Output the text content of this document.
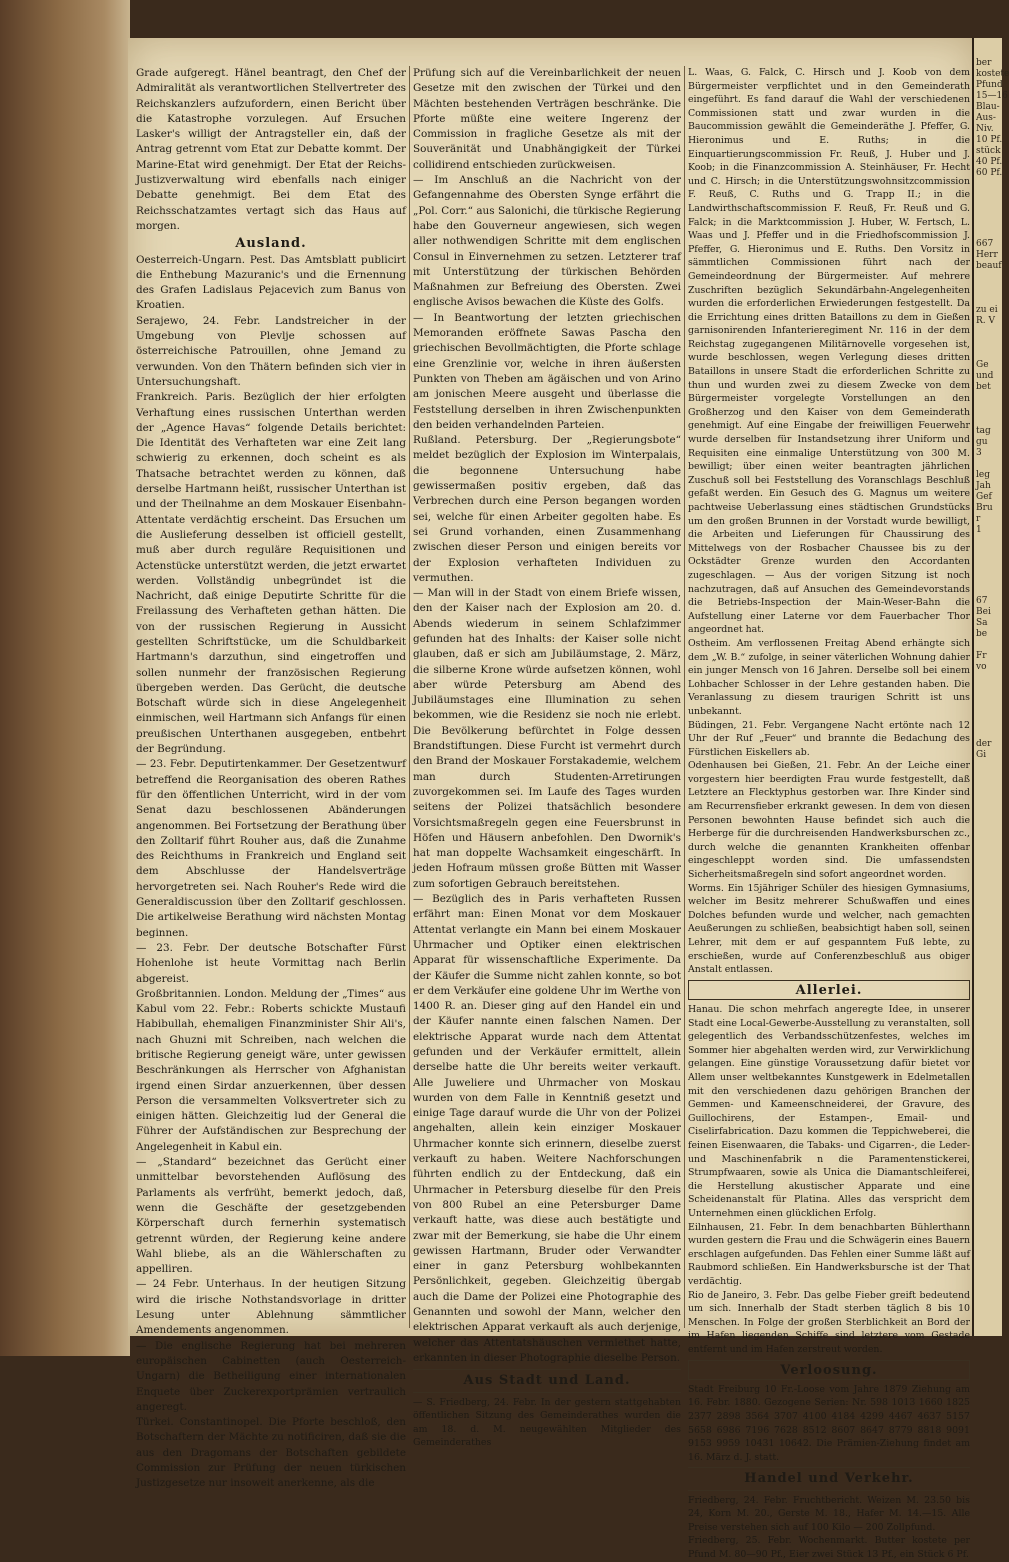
Grade aufgeregt. Hänel beantragt, den Chef der Admiralität als verantwortlichen Stellvertreter des Reichskanzlers aufzufordern, einen Bericht über die Katastrophe vorzulegen. Auf Ersuchen Lasker's willigt der Antragsteller ein, daß der Antrag getrennt vom Etat zur Debatte kommt. Der Marine-Etat wird genehmigt. Der Etat der Reichs-Justizverwaltung wird ebenfalls nach einiger Debatte genehmigt. Bei dem Etat des Reichsschatzamtes vertagt sich das Haus auf morgen.

Ausland.

Oesterreich-Ungarn. Pest. Das Amtsblatt publicirt die Enthebung Mazuranic's und die Ernennung des Grafen Ladislaus Pejacevich zum Banus von Kroatien.

Serajewo, 24. Febr. Landstreicher in der Umgebung von Plevlje schossen auf österreichische Patrouillen, ohne Jemand zu verwunden. Von den Thätern befinden sich vier in Untersuchungshaft.

Frankreich. Paris. Bezüglich der hier erfolgten Verhaftung eines russischen Unterthan werden der „Agence Havas“ folgende Details berichtet: Die Identität des Verhafteten war eine Zeit lang schwierig zu erkennen, doch scheint es als Thatsache betrachtet werden zu können, daß derselbe Hartmann heißt, russischer Unterthan ist und der Theilnahme an dem Moskauer Eisenbahn-Attentate verdächtig erscheint. Das Ersuchen um die Auslieferung desselben ist officiell gestellt, muß aber durch reguläre Requisitionen und Actenstücke unterstützt werden, die jetzt erwartet werden. Vollständig unbegründet ist die Nachricht, daß einige Deputirte Schritte für die Freilassung des Verhafteten gethan hätten. Die von der russischen Regierung in Aussicht gestellten Schriftstücke, um die Schuldbarkeit Hartmann's darzuthun, sind eingetroffen und sollen nunmehr der französischen Regierung übergeben werden. Das Gerücht, die deutsche Botschaft würde sich in diese Angelegenheit einmischen, weil Hartmann sich Anfangs für einen preußischen Unterthanen ausgegeben, entbehrt der Begründung.

— 23. Febr. Deputirtenkammer. Der Gesetzentwurf betreffend die Reorganisation des oberen Rathes für den öffentlichen Unterricht, wird in der vom Senat dazu beschlossenen Abänderungen angenommen. Bei Fortsetzung der Berathung über den Zolltarif führt Rouher aus, daß die Zunahme des Reichthums in Frankreich und England seit dem Abschlusse der Handelsverträge hervorgetreten sei. Nach Rouher's Rede wird die Generaldiscussion über den Zolltarif geschlossen. Die artikelweise Berathung wird nächsten Montag beginnen.

— 23. Febr. Der deutsche Botschafter Fürst Hohenlohe ist heute Vormittag nach Berlin abgereist.

Großbritannien. London. Meldung der „Times“ aus Kabul vom 22. Febr.: Roberts schickte Mustaufi Habibullah, ehemaligen Finanzminister Shir Ali's, nach Ghuzni mit Schreiben, nach welchen die britische Regierung geneigt wäre, unter gewissen Beschränkungen als Herrscher von Afghanistan irgend einen Sirdar anzuerkennen, über dessen Person die versammelten Volksvertreter sich zu einigen hätten. Gleichzeitig lud der General die Führer der Aufständischen zur Besprechung der Angelegenheit in Kabul ein.

— „Standard“ bezeichnet das Gerücht einer unmittelbar bevorstehenden Auflösung des Parlaments als verfrüht, bemerkt jedoch, daß, wenn die Geschäfte der gesetzgebenden Körperschaft durch fernerhin systematisch getrennt würden, der Regierung keine andere Wahl bliebe, als an die Wählerschaften zu appelliren.

— 24 Febr. Unterhaus. In der heutigen Sitzung wird die irische Nothstandsvorlage in dritter Lesung unter Ablehnung sämmtlicher Amendements angenommen.

— Die englische Regierung hat bei mehreren europäischen Cabinetten (auch Oesterreich-Ungarn) die Betheiligung einer internationalen Enquete über Zuckerexportprämien vertraulich angeregt.

Türkei. Constantinopel. Die Pforte beschloß, den Botschaftern der Mächte zu notificiren, daß sie die aus den Dragomans der Botschaften gebildete Commission zur Prüfung der neuen türkischen Justizgesetze nur insoweit anerkenne, als die

Prüfung sich auf die Vereinbarlichkeit der neuen Gesetze mit den zwischen der Türkei und den Mächten bestehenden Verträgen beschränke. Die Pforte müßte eine weitere Ingerenz der Commission in fragliche Gesetze als mit der Souveränität und Unabhängigkeit der Türkei collidirend entschieden zurückweisen.

— Im Anschluß an die Nachricht von der Gefangennahme des Obersten Synge erfährt die „Pol. Corr.“ aus Salonichi, die türkische Regierung habe den Gouverneur angewiesen, sich wegen aller nothwendigen Schritte mit dem englischen Consul in Einvernehmen zu setzen. Letzterer traf mit Unterstützung der türkischen Behörden Maßnahmen zur Befreiung des Obersten. Zwei englische Avisos bewachen die Küste des Golfs.

— In Beantwortung der letzten griechischen Memoranden eröffnete Sawas Pascha den griechischen Bevollmächtigten, die Pforte schlage eine Grenzlinie vor, welche in ihren äußersten Punkten von Theben am ägäischen und von Arino am jonischen Meere ausgeht und überlasse die Feststellung derselben in ihren Zwischenpunkten den beiden verhandelnden Parteien.

Rußland. Petersburg. Der „Regierungsbote“ meldet bezüglich der Explosion im Winterpalais, die begonnene Untersuchung habe gewissermaßen positiv ergeben, daß das Verbrechen durch eine Person begangen worden sei, welche für einen Arbeiter gegolten habe. Es sei Grund vorhanden, einen Zusammenhang zwischen dieser Person und einigen bereits vor der Explosion verhafteten Individuen zu vermuthen.

— Man will in der Stadt von einem Briefe wissen, den der Kaiser nach der Explosion am 20. d. Abends wiederum in seinem Schlafzimmer gefunden hat des Inhalts: der Kaiser solle nicht glauben, daß er sich am Jubiläumstage, 2. März, die silberne Krone würde aufsetzen können, wohl aber würde Petersburg am Abend des Jubiläumstages eine Illumination zu sehen bekommen, wie die Residenz sie noch nie erlebt. Die Bevölkerung befürchtet in Folge dessen Brandstiftungen. Diese Furcht ist vermehrt durch den Brand der Moskauer Forstakademie, welchem man durch Studenten-Arretirungen zuvorgekommen sei. Im Laufe des Tages wurden seitens der Polizei thatsächlich besondere Vorsichtsmaßregeln gegen eine Feuersbrunst in Höfen und Häusern anbefohlen. Den Dwornik's hat man doppelte Wachsamkeit eingeschärft. In jeden Hofraum müssen große Bütten mit Wasser zum sofortigen Gebrauch bereitstehen.

— Bezüglich des in Paris verhafteten Russen erfährt man: Einen Monat vor dem Moskauer Attentat verlangte ein Mann bei einem Moskauer Uhrmacher und Optiker einen elektrischen Apparat für wissenschaftliche Experimente. Da der Käufer die Summe nicht zahlen konnte, so bot er dem Verkäufer eine goldene Uhr im Werthe von 1400 R. an. Dieser ging auf den Handel ein und der Käufer nannte einen falschen Namen. Der elektrische Apparat wurde nach dem Attentat gefunden und der Verkäufer ermittelt, allein derselbe hatte die Uhr bereits weiter verkauft. Alle Juweliere und Uhrmacher von Moskau wurden von dem Falle in Kenntniß gesetzt und einige Tage darauf wurde die Uhr von der Polizei angehalten, allein kein einziger Moskauer Uhrmacher konnte sich erinnern, dieselbe zuerst verkauft zu haben. Weitere Nachforschungen führten endlich zu der Entdeckung, daß ein Uhrmacher in Petersburg dieselbe für den Preis von 800 Rubel an eine Petersburger Dame verkauft hatte, was diese auch bestätigte und zwar mit der Bemerkung, sie habe die Uhr einem gewissen Hartmann, Bruder oder Verwandter einer in ganz Petersburg wohlbekannten Persönlichkeit, gegeben. Gleichzeitig übergab auch die Dame der Polizei eine Photographie des Genannten und sowohl der Mann, welcher den elektrischen Apparat verkauft als auch derjenige, welcher das Attentatshäuschen vermiethet hatte, erkannten in dieser Photographie dieselbe Person.

Aus Stadt und Land.

— S. Friedberg, 24. Febr. In der gestern stattgehabten öffentlichen Sitzung des Gemeinderathes wurden die am 18. d. M. neugewählten Mitglieder des Gemeinderathes

L. Waas, G. Falck, C. Hirsch und J. Koob von dem Bürgermeister verpflichtet und in den Gemeinderath eingeführt. Es fand darauf die Wahl der verschiedenen Commissionen statt und zwar wurden in die Baucommission gewählt die Gemeinderäthe J. Pfeffer, G. Hieronimus und E. Ruths; in die Einquartierungscommission Fr. Reuß, J. Huber und J. Koob; in die Finanzcommission A. Steinhäuser, Fr. Hecht und C. Hirsch; in die Unterstützungswohnsitzcommission F. Reuß, C. Ruths und G. Trapp II.; in die Landwirthschaftscommission F. Reuß, Fr. Reuß und G. Falck; in die Marktcommission J. Huber, W. Fertsch, L. Waas und J. Pfeffer und in die Friedhofscommission J. Pfeffer, G. Hieronimus und E. Ruths. Den Vorsitz in sämmtlichen Commissionen führt nach der Gemeindeordnung der Bürgermeister. Auf mehrere Zuschriften bezüglich Sekundärbahn-Angelegenheiten wurden die erforderlichen Erwiederungen festgestellt. Da die Errichtung eines dritten Bataillons zu dem in Gießen garnisonirenden Infanterieregiment Nr. 116 in der dem Reichstag zugegangenen Militärnovelle vorgesehen ist, wurde beschlossen, wegen Verlegung dieses dritten Bataillons in unsere Stadt die erforderlichen Schritte zu thun und wurden zwei zu diesem Zwecke von dem Bürgermeister vorgelegte Vorstellungen an den Großherzog und den Kaiser von dem Gemeinderath genehmigt. Auf eine Eingabe der freiwilligen Feuerwehr wurde derselben für Instandsetzung ihrer Uniform und Requisiten eine einmalige Unterstützung von 300 M. bewilligt; über einen weiter beantragten jährlichen Zuschuß soll bei Feststellung des Voranschlags Beschluß gefaßt werden. Ein Gesuch des G. Magnus um weitere pachtweise Ueberlassung eines städtischen Grundstücks um den großen Brunnen in der Vorstadt wurde bewilligt, die Arbeiten und Lieferungen für Chaussirung des Mittelwegs von der Rosbacher Chaussee bis zu der Ockstädter Grenze wurden den Accordanten zugeschlagen. — Aus der vorigen Sitzung ist noch nachzutragen, daß auf Ansuchen des Gemeindevorstands die Betriebs-Inspection der Main-Weser-Bahn die Aufstellung einer Laterne vor dem Fauerbacher Thor angeordnet hat.

Ostheim. Am verflossenen Freitag Abend erhängte sich dem „W. B.“ zufolge, in seiner väterlichen Wohnung dahier ein junger Mensch von 16 Jahren. Derselbe soll bei einem Lohbacher Schlosser in der Lehre gestanden haben. Die Veranlassung zu diesem traurigen Schritt ist uns unbekannt.

Büdingen, 21. Febr. Vergangene Nacht ertönte nach 12 Uhr der Ruf „Feuer“ und brannte die Bedachung des Fürstlichen Eiskellers ab.

Odenhausen bei Gießen, 21. Febr. An der Leiche einer vorgestern hier beerdigten Frau wurde festgestellt, daß Letztere an Flecktyphus gestorben war. Ihre Kinder sind am Recurrensfieber erkrankt gewesen. In dem von diesen Personen bewohnten Hause befindet sich auch die Herberge für die durchreisenden Handwerksburschen zc., durch welche die genannten Krankheiten offenbar eingeschleppt worden sind. Die umfassendsten Sicherheitsmaßregeln sind sofort angeordnet worden.

Worms. Ein 15jähriger Schüler des hiesigen Gymnasiums, welcher im Besitz mehrerer Schußwaffen und eines Dolches befunden wurde und welcher, nach gemachten Aeußerungen zu schließen, beabsichtigt haben soll, seinen Lehrer, mit dem er auf gespanntem Fuß lebte, zu erschießen, wurde auf Conferenzbeschluß aus obiger Anstalt entlassen.

Allerlei.

Hanau. Die schon mehrfach angeregte Idee, in unserer Stadt eine Local-Gewerbe-Ausstellung zu veranstalten, soll gelegentlich des Verbandsschützenfestes, welches im Sommer hier abgehalten werden wird, zur Verwirklichung gelangen. Eine günstige Voraussetzung dafür bietet vor Allem unser weltbekanntes Kunstgewerk in Edelmetallen mit den verschiedenen dazu gehörigen Branchen der Gemmen- und Kameenschneiderei, der Gravure, des Guillochirens, der Estampen-, Email- und Ciselirfabrication. Dazu kommen die Teppichweberei, die feinen Eisenwaaren, die Tabaks- und Cigarren-, die Leder- und Maschinenfabrik n die Paramentenstickerei, Strumpfwaaren, sowie als Unica die Diamantschleiferei, die Herstellung akustischer Apparate und eine Scheidenanstalt für Platina. Alles das verspricht dem Unternehmen einen glücklichen Erfolg.

Eilnhausen, 21. Febr. In dem benachbarten Bühlerthann wurden gestern die Frau und die Schwägerin eines Bauern erschlagen aufgefunden. Das Fehlen einer Summe läßt auf Raubmord schließen. Ein Handwerksbursche ist der That verdächtig.

Rio de Janeiro, 3. Febr. Das gelbe Fieber greift bedeutend um sich. Innerhalb der Stadt sterben täglich 8 bis 10 Menschen. In Folge der großen Sterblichkeit an Bord der im Hafen liegenden Schiffe sind letztere vom Gestade entfernt und im Hafen zerstreut worden.

Verloosung.

Stadt Freiburg 10 Fr.-Loose vom Jahre 1879 Ziehung am 16. Febr. 1880. Gezogene Serien: Nr. 598 1013 1660 1825 2377 2898 3564 3707 4100 4184 4299 4467 4637 5157 5658 6986 7196 7628 8512 8607 8647 8779 8818 9091 9153 9959 10431 10642. Die Prämien-Ziehung findet am 16. März d. J. statt.

Handel und Verkehr.

Friedberg, 24. Febr. Fruchtbericht. Weizen M. 23.50 bis 24, Korn M. 20., Gerste M. 18., Hafer M. 14.—15. Alle Preise verstehen sich auf 100 Kilo — 200 Zollpfund.

Friedberg, 25. Febr. Wochenmarkt. Butter kostete per Pfund M. 80—90 Pf., Eier zwei Stück 13 Pf., ein Stück 6 Pf.

ber
kostete
Pfund
15—16
Blau-
Aus-
Niv.
10 Pf.
stück
40 Pf.
60 Pf.
667
Herr
beauf

zu ei
R. V

Ge
und
bet

tag
gu
3

leg
Jah
Gef
Bru
r
1
67
Bei
Sa
be

Fr
vo

der
Gi
